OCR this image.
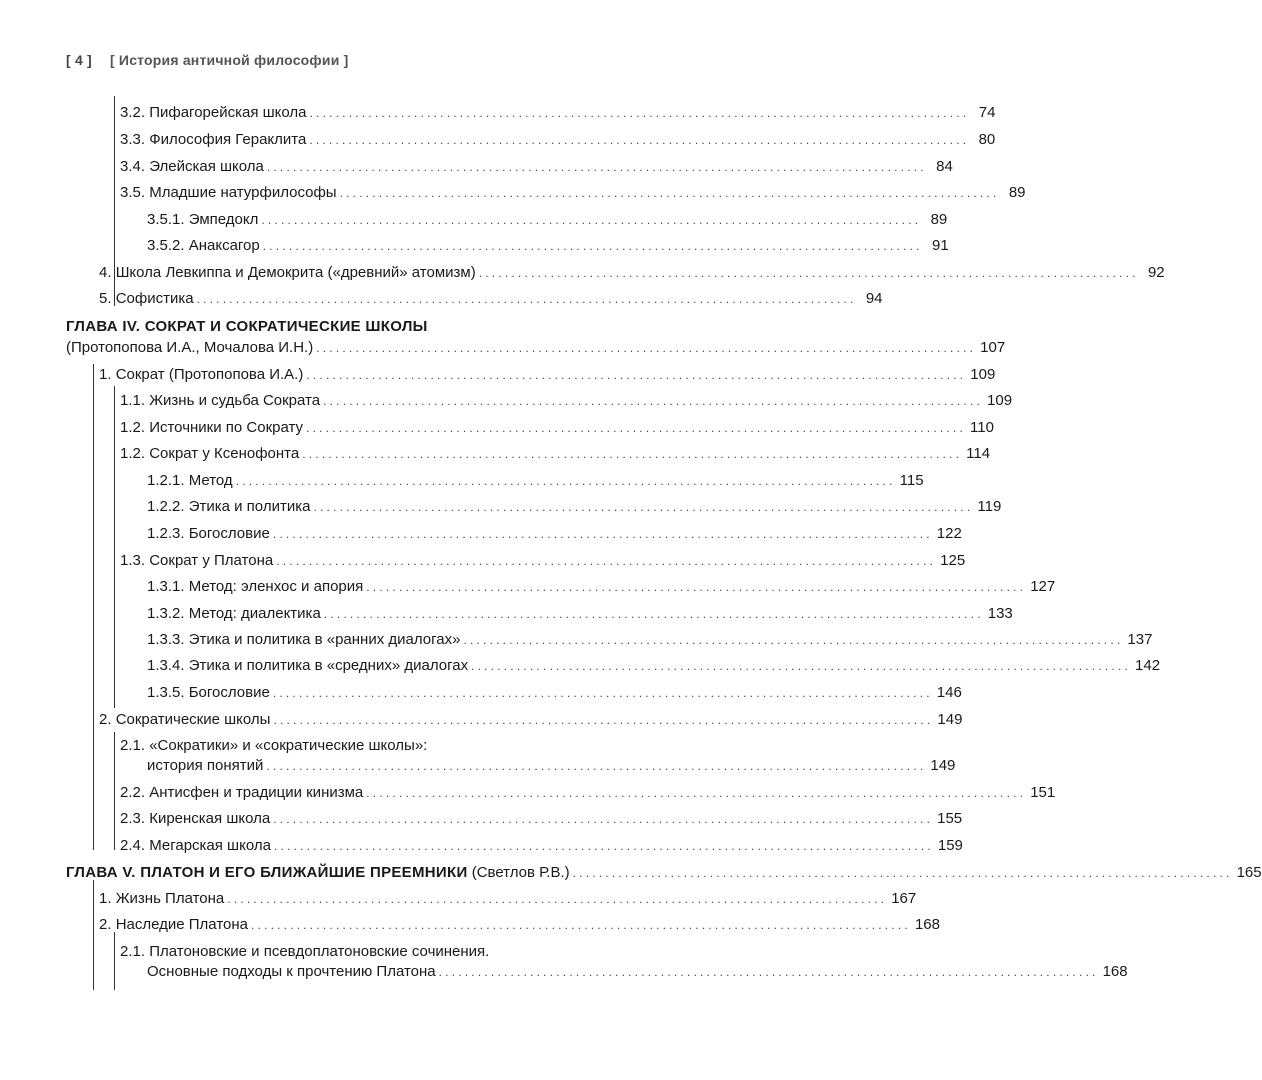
[ 4 ] [ История античной философии ]
3.2. Пифагорейская школа ..................................................................................................... 74
3.3. Философия Гераклита ..................................................................................................... 80
3.4. Элейская школа ..................................................................................................... 84
3.5. Младшие натурфилософы ..................................................................................................... 89
3.5.1. Эмпедокл ..................................................................................................... 89
3.5.2. Анаксагор ..................................................................................................... 91
4. Школа Левкиппа и Демокрита («древний» атомизм) ..................................................................................................... 92
5. Софистика ..................................................................................................... 94
ГЛАВА IV. СОКРАТ И СОКРАТИЧЕСКИЕ ШКОЛЫ
(Протопопова И.А., Мочалова И.Н.) ..................................................................................................... 107
1. Сократ (Протопопова И.А.) ..................................................................................................... 109
1.1. Жизнь и судьба Сократа ..................................................................................................... 109
1.2. Источники по Сократу ..................................................................................................... 110
1.2. Сократ у Ксенофонта ..................................................................................................... 114
1.2.1. Метод ..................................................................................................... 115
1.2.2. Этика и политика ..................................................................................................... 119
1.2.3. Богословие ..................................................................................................... 122
1.3. Сократ у Платона ..................................................................................................... 125
1.3.1. Метод: эленхос и апория ..................................................................................................... 127
1.3.2. Метод: диалектика ..................................................................................................... 133
1.3.3. Этика и политика в «ранних диалогах» ..................................................................................................... 137
1.3.4. Этика и политика в «средних» диалогах ..................................................................................................... 142
1.3.5. Богословие ..................................................................................................... 146
2. Сократические школы ..................................................................................................... 149
2.1. «Сократики» и «сократические школы»:
история понятий ..................................................................................................... 149
2.2. Антисфен и традиции кинизма ..................................................................................................... 151
2.3. Киренская школа ..................................................................................................... 155
2.4. Мегарская школа ..................................................................................................... 159
ГЛАВА V. ПЛАТОН И ЕГО БЛИЖАЙШИЕ ПРЕЕМНИКИ (Светлов Р.В.) ..................................................................................................... 165
1. Жизнь Платона ..................................................................................................... 167
2. Наследие Платона ..................................................................................................... 168
2.1. Платоновские и псевдоплатоновские сочинения.
Основные подходы к прочтению Платона ..................................................................................................... 168
